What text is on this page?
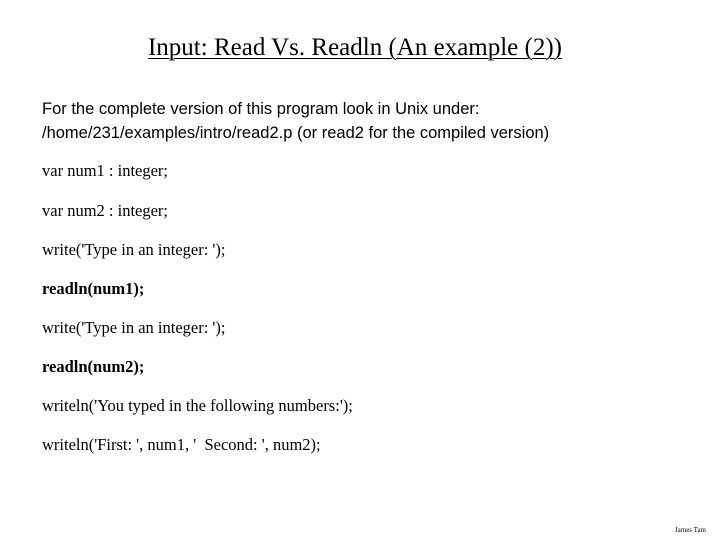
Input: Read Vs. Readln (An example (2))
For the complete version of this program look in Unix under:
/home/231/examples/intro/read2.p (or read2 for the compiled version)
var num1 : integer;
var num2 : integer;
write('Type in an integer: ');
readln(num1);
write('Type in an integer: ');
readln(num2);
writeln('You typed in the following numbers:');
writeln('First: ', num1, '  Second: ', num2);
James Tam
